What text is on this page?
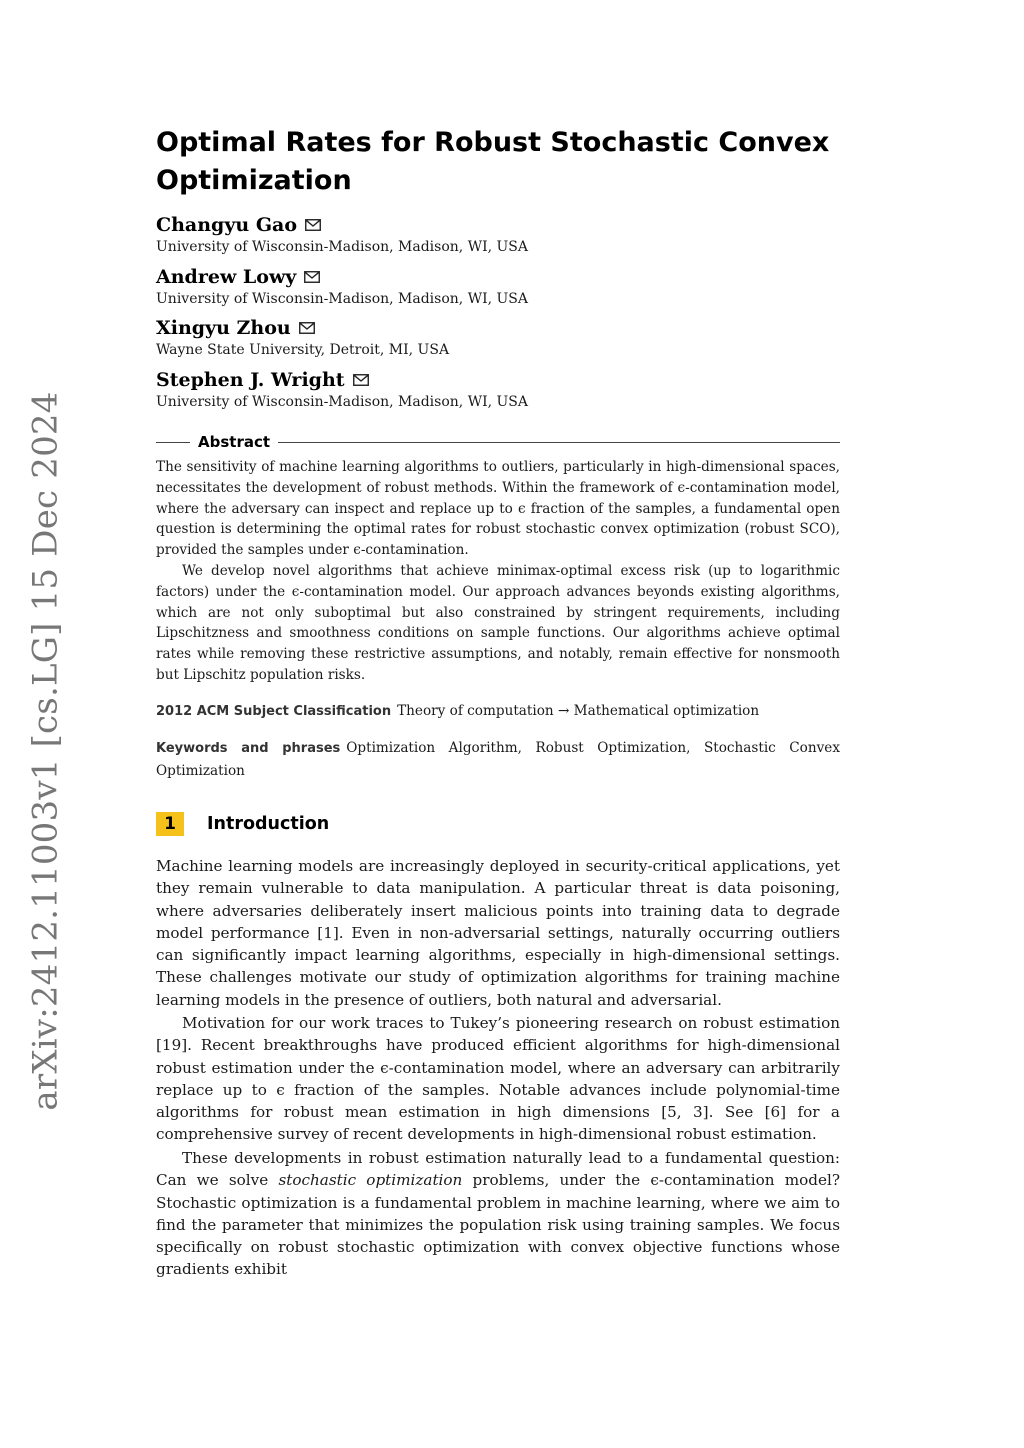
arXiv:2412.11003v1 [cs.LG] 15 Dec 2024
Optimal Rates for Robust Stochastic Convex Optimization
Changyu Gao
University of Wisconsin-Madison, Madison, WI, USA
Andrew Lowy
University of Wisconsin-Madison, Madison, WI, USA
Xingyu Zhou
Wayne State University, Detroit, MI, USA
Stephen J. Wright
University of Wisconsin-Madison, Madison, WI, USA
Abstract

The sensitivity of machine learning algorithms to outliers, particularly in high-dimensional spaces, necessitates the development of robust methods. Within the framework of ϵ-contamination model, where the adversary can inspect and replace up to ϵ fraction of the samples, a fundamental open question is determining the optimal rates for robust stochastic convex optimization (robust SCO), provided the samples under ϵ-contamination.

We develop novel algorithms that achieve minimax-optimal excess risk (up to logarithmic factors) under the ϵ-contamination model. Our approach advances beyonds existing algorithms, which are not only suboptimal but also constrained by stringent requirements, including Lipschitzness and smoothness conditions on sample functions. Our algorithms achieve optimal rates while removing these restrictive assumptions, and notably, remain effective for nonsmooth but Lipschitz population risks.

2012 ACM Subject Classification Theory of computation → Mathematical optimization

Keywords and phrases Optimization Algorithm, Robust Optimization, Stochastic Convex Optimization

1	Introduction

Machine learning models are increasingly deployed in security-critical applications, yet they remain vulnerable to data manipulation. A particular threat is data poisoning, where adversaries deliberately insert malicious points into training data to degrade model performance [1]. Even in non-adversarial settings, naturally occurring outliers can significantly impact learning algorithms, especially in high-dimensional settings. These challenges motivate our study of optimization algorithms for training machine learning models in the presence of outliers, both natural and adversarial.

Motivation for our work traces to Tukey’s pioneering research on robust estimation [19]. Recent breakthroughs have produced efficient algorithms for high-dimensional robust estimation under the ϵ-contamination model, where an adversary can arbitrarily replace up to ϵ fraction of the samples. Notable advances include polynomial-time algorithms for robust mean estimation in high dimensions [5, 3]. See [6] for a comprehensive survey of recent developments in high-dimensional robust estimation.

These developments in robust estimation naturally lead to a fundamental question: Can we solve stochastic optimization problems, under the ϵ-contamination model? Stochastic optimization is a fundamental problem in machine learning, where we aim to find the parameter that minimizes the population risk using training samples. We focus specifically on robust stochastic optimization with convex objective functions whose gradients exhibit
